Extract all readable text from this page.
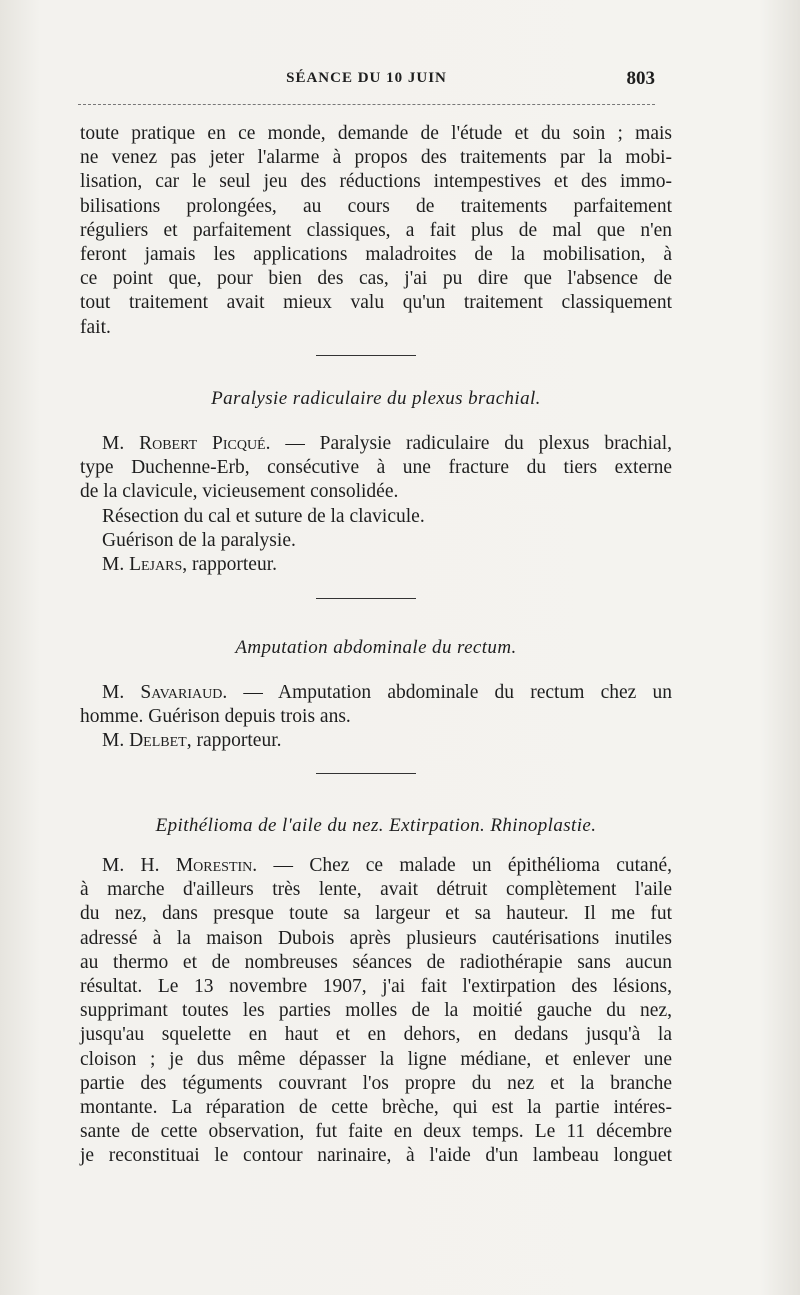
SÉANCE DU 10 JUIN	803
toute pratique en ce monde, demande de l'étude et du soin ; mais
ne venez pas jeter l'alarme à propos des traitements par la mobi-
lisation, car le seul jeu des réductions intempestives et des immo-
bilisations prolongées, au cours de traitements parfaitement
réguliers et parfaitement classiques, a fait plus de mal que n'en
feront jamais les applications maladroites de la mobilisation, à
ce point que, pour bien des cas, j'ai pu dire que l'absence de
tout traitement avait mieux valu qu'un traitement classiquement
fait.
Paralysie radiculaire du plexus brachial.
M. Robert Picqué. — Paralysie radiculaire du plexus brachial,
type Duchenne-Erb, consécutive à une fracture du tiers externe
de la clavicule, vicieusement consolidée.
Résection du cal et suture de la clavicule.
Guérison de la paralysie.
M. Lejars, rapporteur.
Amputation abdominale du rectum.
M. Savariaud. — Amputation abdominale du rectum chez un
homme. Guérison depuis trois ans.
M. Delbet, rapporteur.
Epithélioma de l'aile du nez. Extirpation. Rhinoplastie.
M. H. Morestin. — Chez ce malade un épithélioma cutané,
à marche d'ailleurs très lente, avait détruit complètement l'aile
du nez, dans presque toute sa largeur et sa hauteur. Il me fut
adressé à la maison Dubois après plusieurs cautérisations inutiles
au thermo et de nombreuses séances de radiothérapie sans aucun
résultat. Le 13 novembre 1907, j'ai fait l'extirpation des lésions,
supprimant toutes les parties molles de la moitié gauche du nez,
jusqu'au squelette en haut et en dehors, en dedans jusqu'à la
cloison ; je dus même dépasser la ligne médiane, et enlever une
partie des téguments couvrant l'os propre du nez et la branche
montante. La réparation de cette brèche, qui est la partie intéres-
sante de cette observation, fut faite en deux temps. Le 11 décembre
je reconstituai le contour narinaire, à l'aide d'un lambeau longuet
